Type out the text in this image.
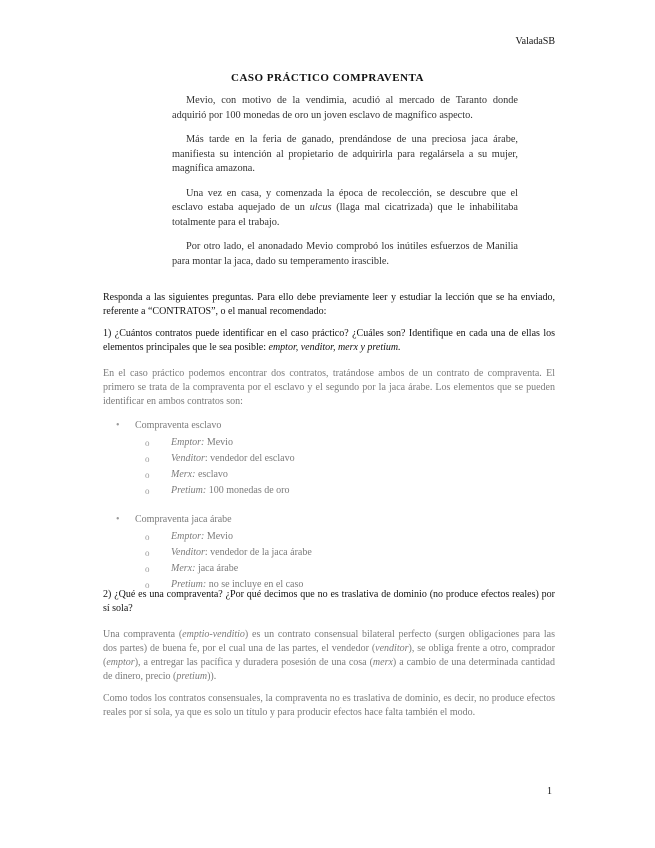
ValadaSB
CASO PRÁCTICO COMPRAVENTA

Mevio, con motivo de la vendimia, acudió al mercado de Taranto donde adquirió por 100 monedas de oro un joven esclavo de magnífico aspecto.

Más tarde en la feria de ganado, prendándose de una preciosa jaca árabe, manifiesta su intención al propietario de adquirirla para regalársela a su mujer, magnífica amazona.

Una vez en casa, y comenzada la época de recolección, se descubre que el esclavo estaba aquejado de un ulcus (llaga mal cicatrizada) que le inhabilitaba totalmente para el trabajo.

Por otro lado, el anonadado Mevio comprobó los inútiles esfuerzos de Manilia para montar la jaca, dado su temperamento irascible.

Responda a las siguientes preguntas. Para ello debe previamente leer y estudiar la lección que se ha enviado, referente a “CONTRATOS”, o el manual recomendado:

1) ¿Cuántos contratos puede identificar en el caso práctico? ¿Cuáles son? Identifique en cada una de ellas los elementos principales que le sea posible: emptor, venditor, merx y pretium.

En el caso práctico podemos encontrar dos contratos, tratándose ambos de un contrato de compraventa. El primero se trata de la compraventa por el esclavo y el segundo por la jaca árabe. Los elementos que se pueden identificar en ambos contratos son:

• Compraventa esclavo
o Emptor: Mevio
o Venditor: vendedor del esclavo
o Merx: esclavo
o Pretium: 100 monedas de oro
• Compraventa jaca árabe
o Emptor: Mevio
o Venditor: vendedor de la jaca árabe
o Merx: jaca árabe
o Pretium: no se incluye en el caso

2) ¿Qué es una compraventa? ¿Por qué decimos que no es traslativa de dominio (no produce efectos reales) por sí sola?

Una compraventa (emptio-venditio) es un contrato consensual bilateral perfecto (surgen obligaciones para las dos partes) de buena fe, por el cual una de las partes, el vendedor (venditor), se obliga frente a otro, comprador (emptor), a entregar las pacífica y duradera posesión de una cosa (merx) a cambio de una determinada cantidad de dinero, precio (pretium)).

Como todos los contratos consensuales, la compraventa no es traslativa de dominio, es decir, no produce efectos reales por sí sola, ya que es solo un título y para producir efectos hace falta también el modo.

1
